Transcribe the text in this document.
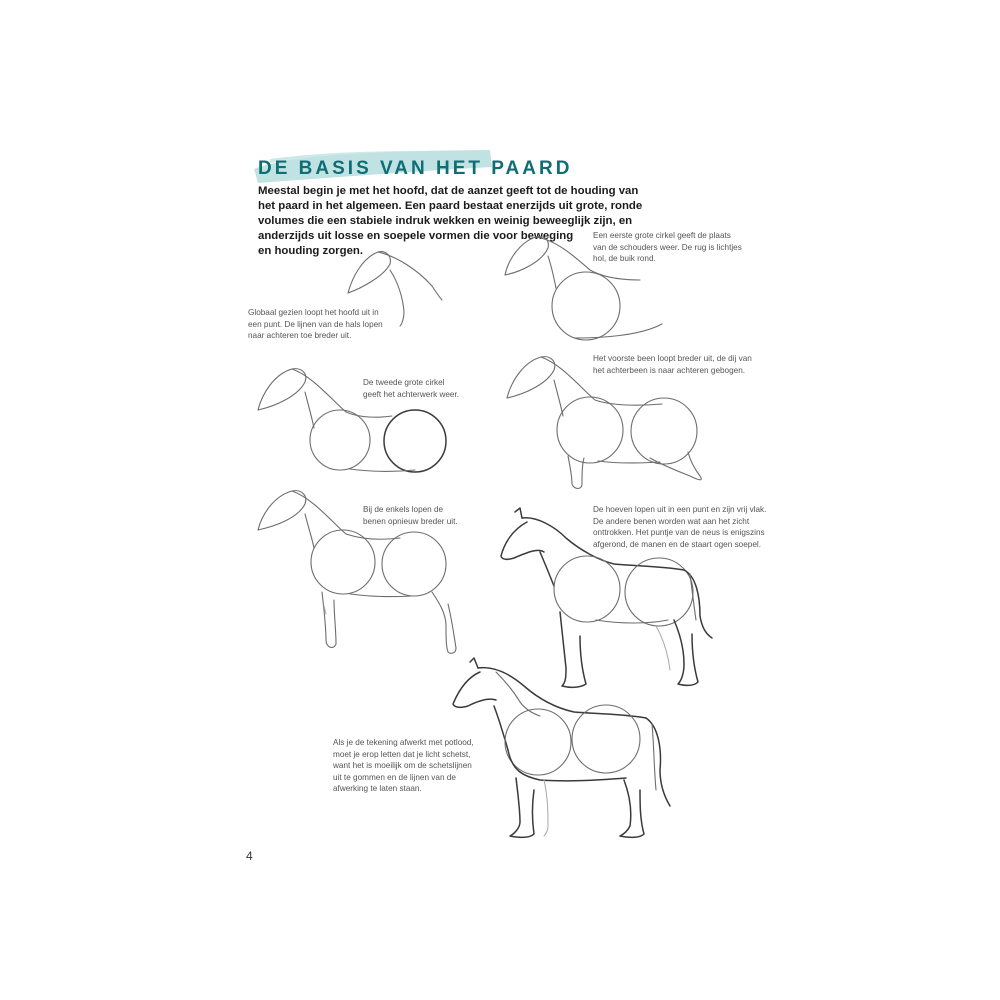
DE BASIS VAN HET PAARD
Meestal begin je met het hoofd, dat de aanzet geeft tot de houding van
het paard in het algemeen. Een paard bestaat enerzijds uit grote, ronde
volumes die een stabiele indruk wekken en weinig beweeglijk zijn, en
anderzijds uit losse en soepele vormen die voor beweging
en houding zorgen.
Globaal gezien loopt het hoofd uit in
een punt. De lijnen van de hals lopen
naar achteren toe breder uit.
Een eerste grote cirkel geeft de plaats
van de schouders weer. De rug is lichtjes
hol, de buik rond.
De tweede grote cirkel
geeft het achterwerk weer.
Het voorste been loopt breder uit, de dij van
het achterbeen is naar achteren gebogen.
Bij de enkels lopen de
benen opnieuw breder uit.
De hoeven lopen uit in een punt en zijn vrij vlak.
De andere benen worden wat aan het zicht
onttrokken. Het puntje van de neus is enigszins
afgerond, de manen en de staart ogen soepel.
Als je de tekening afwerkt met potlood,
moet je erop letten dat je licht schetst,
want het is moeilijk om de schetslijnen
uit te gommen en de lijnen van de
afwerking te laten staan.
4
